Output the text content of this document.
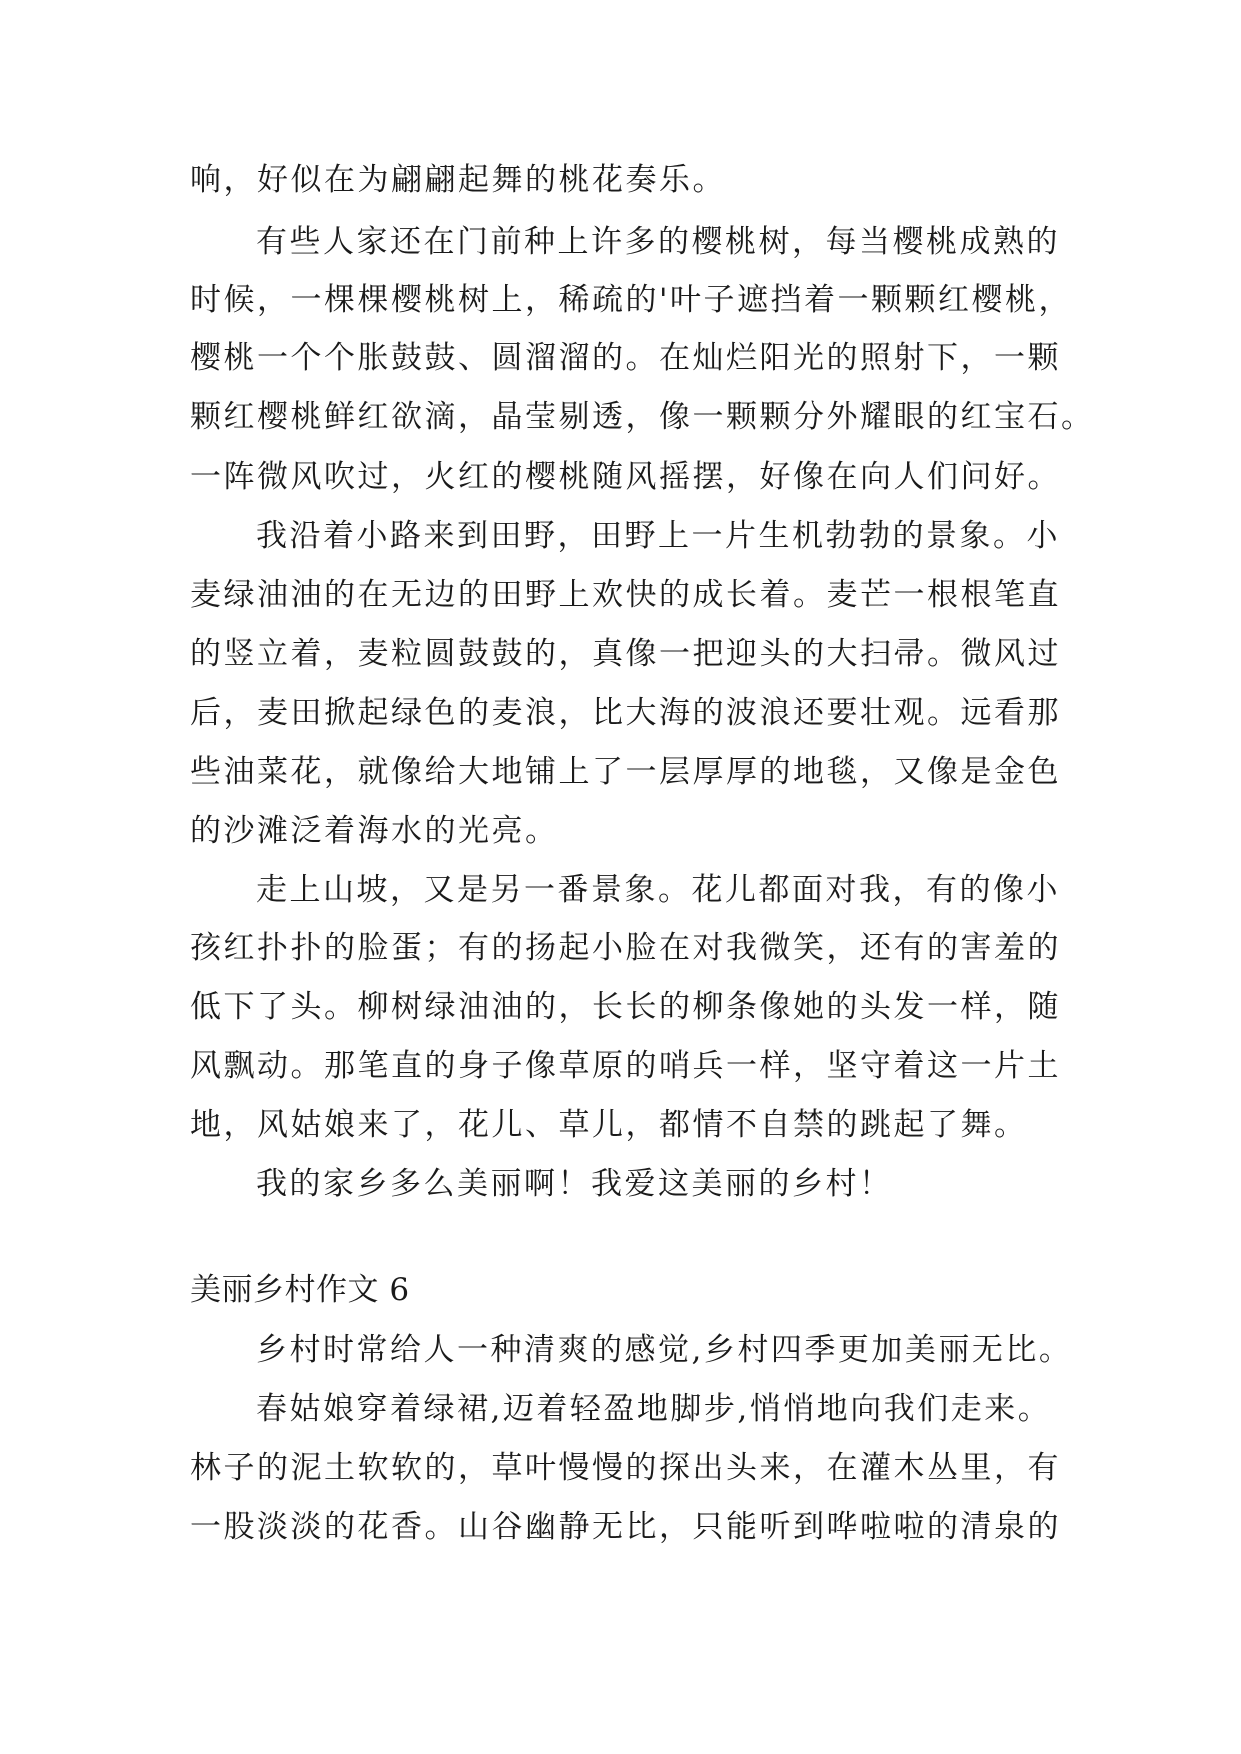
响，好似在为翩翩起舞的桃花奏乐。

有些人家还在门前种上许多的樱桃树，每当樱桃成熟的

时候，一棵棵樱桃树上，稀疏的'叶子遮挡着一颗颗红樱桃，

樱桃一个个胀鼓鼓、圆溜溜的。在灿烂阳光的照射下，一颗

颗红樱桃鲜红欲滴，晶莹剔透，像一颗颗分外耀眼的红宝石。

一阵微风吹过，火红的樱桃随风摇摆，好像在向人们问好。

我沿着小路来到田野，田野上一片生机勃勃的景象。小

麦绿油油的在无边的田野上欢快的成长着。麦芒一根根笔直

的竖立着，麦粒圆鼓鼓的，真像一把迎头的大扫帚。微风过

后，麦田掀起绿色的麦浪，比大海的波浪还要壮观。远看那

些油菜花，就像给大地铺上了一层厚厚的地毯，又像是金色

的沙滩泛着海水的光亮。

走上山坡，又是另一番景象。花儿都面对我，有的像小

孩红扑扑的脸蛋；有的扬起小脸在对我微笑，还有的害羞的

低下了头。柳树绿油油的，长长的柳条像她的头发一样，随

风飘动。那笔直的身子像草原的哨兵一样，坚守着这一片土

地，风姑娘来了，花儿、草儿，都情不自禁的跳起了舞。

我的家乡多么美丽啊！我爱这美丽的乡村！

美丽乡村作文 6

乡村时常给人一种清爽的感觉,乡村四季更加美丽无比。

春姑娘穿着绿裙,迈着轻盈地脚步,悄悄地向我们走来。

林子的泥土软软的，草叶慢慢的探出头来，在灌木丛里，有

一股淡淡的花香。山谷幽静无比，只能听到哗啦啦的清泉的
